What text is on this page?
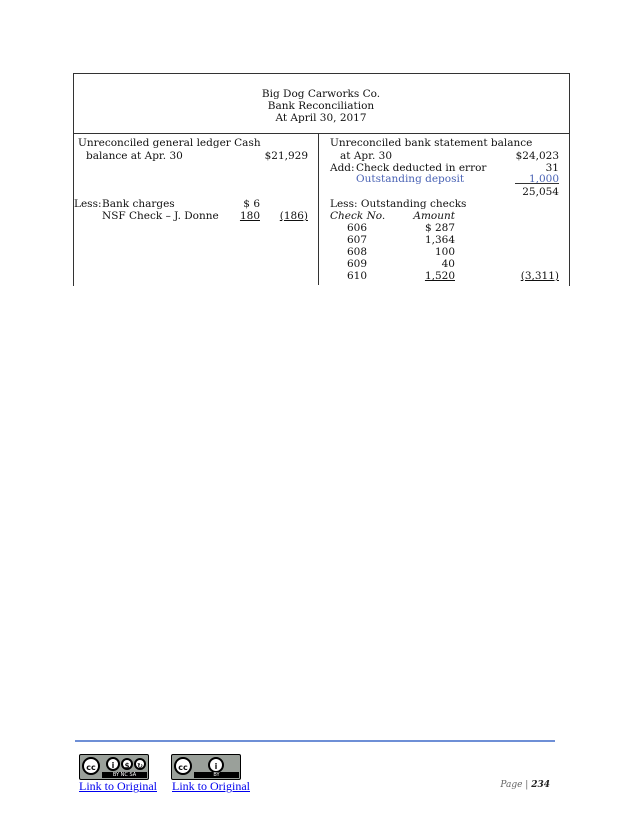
Big Dog Carworks Co.
Bank Reconciliation
At April 30, 2017
Unreconciled general ledger Cash
balance at Apr. 30	$21,929
Less: Bank charges	$ 6
NSF Check – J. Donne	180	(186)
Unreconciled bank statement balance
at Apr. 30	$24,023
Add: Check deducted in error	31
Outstanding deposit	1,000
25,054
Less: Outstanding checks
Check No.	Amount
606	$ 287
607	1,364
608	100
609	40
610	1,520	(3,311)
cc	i	$	↻
BY NC SA
cc	i
BY
Link to Original Link to Original	Page | 234
